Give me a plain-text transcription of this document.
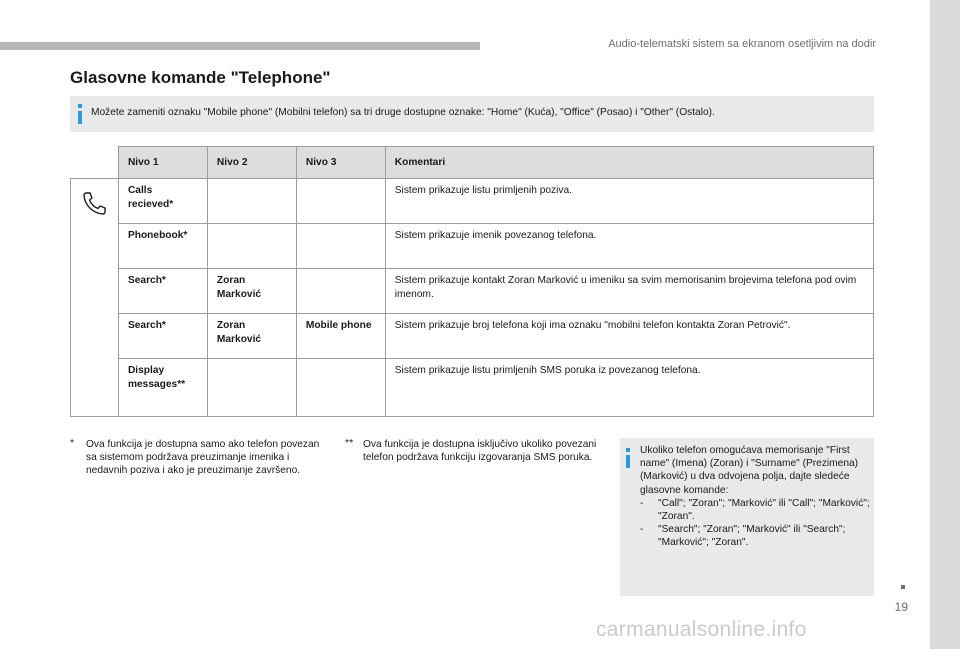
Audio-telematski sistem sa ekranom osetljivim na dodir
Glasovne komande "Telephone"
Možete zameniti oznaku "Mobile phone" (Mobilni telefon) sa tri druge dostupne oznake: "Home" (Kuća), "Office" (Posao) i "Other" (Ostalo).
	Nivo 1	Nivo 2	Nivo 3	Komentari
	Calls recieved*			Sistem prikazuje listu primljenih poziva.
	Phonebook*			Sistem prikazuje imenik povezanog telefona.
	Search*	Zoran Marković		Sistem prikazuje kontakt Zoran Marković u imeniku sa svim memorisanim brojevima telefona pod ovim imenom.
	Search*	Zoran Marković	Mobile phone	Sistem prikazuje broj telefona koji ima oznaku "mobilni telefon kontakta Zoran Petrović".
	Display messages**			Sistem prikazuje listu primljenih SMS poruka iz povezanog telefona.
* Ova funkcija je dostupna samo ako telefon povezan sa sistemom podržava preuzimanje imenika i nedavnih poziva i ako je preuzimanje završeno.
** Ova funkcija je dostupna isključivo ukoliko povezani telefon podržava funkciju izgovaranja SMS poruka.
Ukoliko telefon omogućava memorisanje "First name" (Imena) (Zoran) i "Surname" (Prezimena) (Marković) u dva odvojena polja, dajte sledeće glasovne komande:
- "Call"; "Zoran"; "Marković" ili "Call"; "Marković"; "Zoran".
- "Search"; "Zoran"; "Marković" ili "Search"; "Marković"; "Zoran".
19
carmanualsonline.info
